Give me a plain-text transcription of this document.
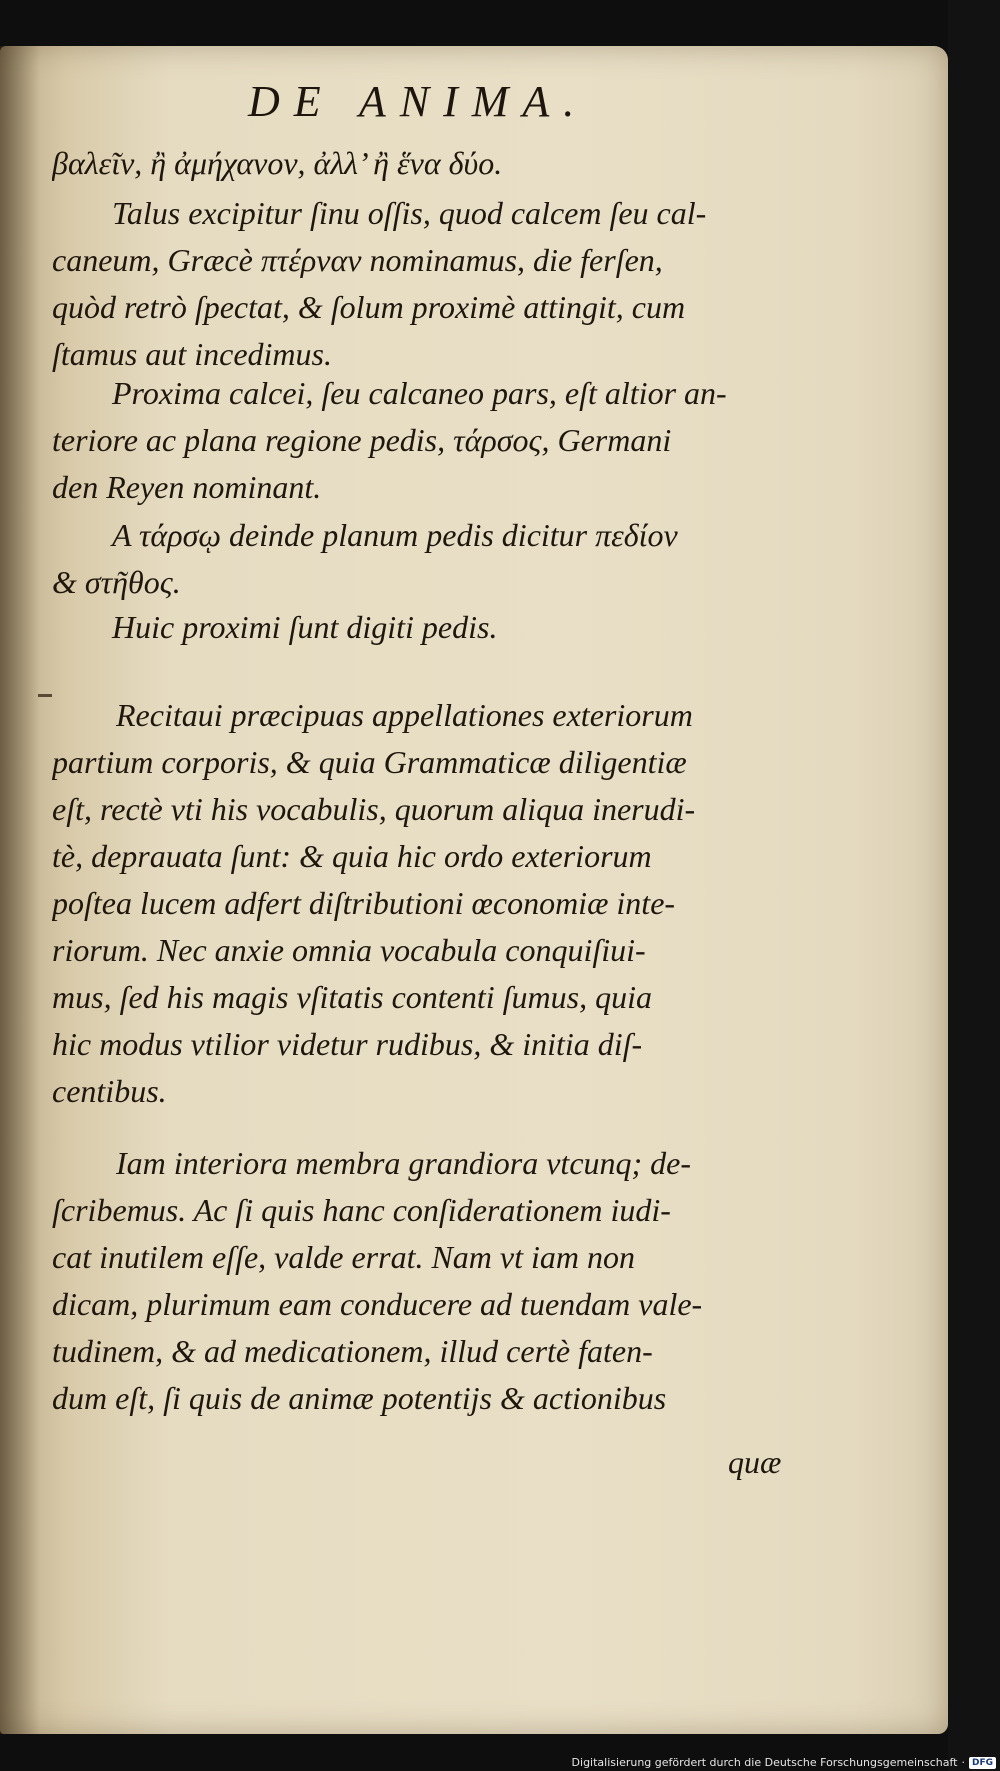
DE ANIMA.
βαλεῖν, ἢ ἀμήχανον, ἀλλ’ ἢ ἕνα δύο.
Talus excipitur ſinu oſſis, quod calcem ſeu cal-
caneum, Græcè πτέρναν nominamus, die ferſen,
quòd retrò ſpectat, & ſolum proximè attingit, cum
ſtamus aut incedimus.
Proxima calcei, ſeu calcaneo pars, eſt altior an-
teriore ac plana regione pedis, τάρσος, Germani
den Reyen nominant.
A τάρσῳ deinde planum pedis dicitur πεδίον
& στῆθος.
Huic proximi ſunt digiti pedis.
Recitaui præcipuas appellationes exteriorum
partium corporis, & quia Grammaticæ diligentiæ
eſt, rectè vti his vocabulis, quorum aliqua inerudi-
tè, deprauata ſunt: & quia hic ordo exteriorum
poſtea lucem adfert diſtributioni œconomiæ inte-
riorum. Nec anxie omnia vocabula conquiſiui-
mus, ſed his magis vſitatis contenti ſumus, quia
hic modus vtilior videtur rudibus, & initia diſ-
centibus.
Iam interiora membra grandiora vtcunq; de-
ſcribemus. Ac ſi quis hanc conſiderationem iudi-
cat inutilem eſſe, valde errat. Nam vt iam non
dicam, plurimum eam conducere ad tuendam vale-
tudinem, & ad medicationem, illud certè faten-
dum eſt, ſi quis de animæ potentijs & actionibus
quæ
Digitalisierung gefördert durch die Deutsche Forschungsgemeinschaft · DFG
